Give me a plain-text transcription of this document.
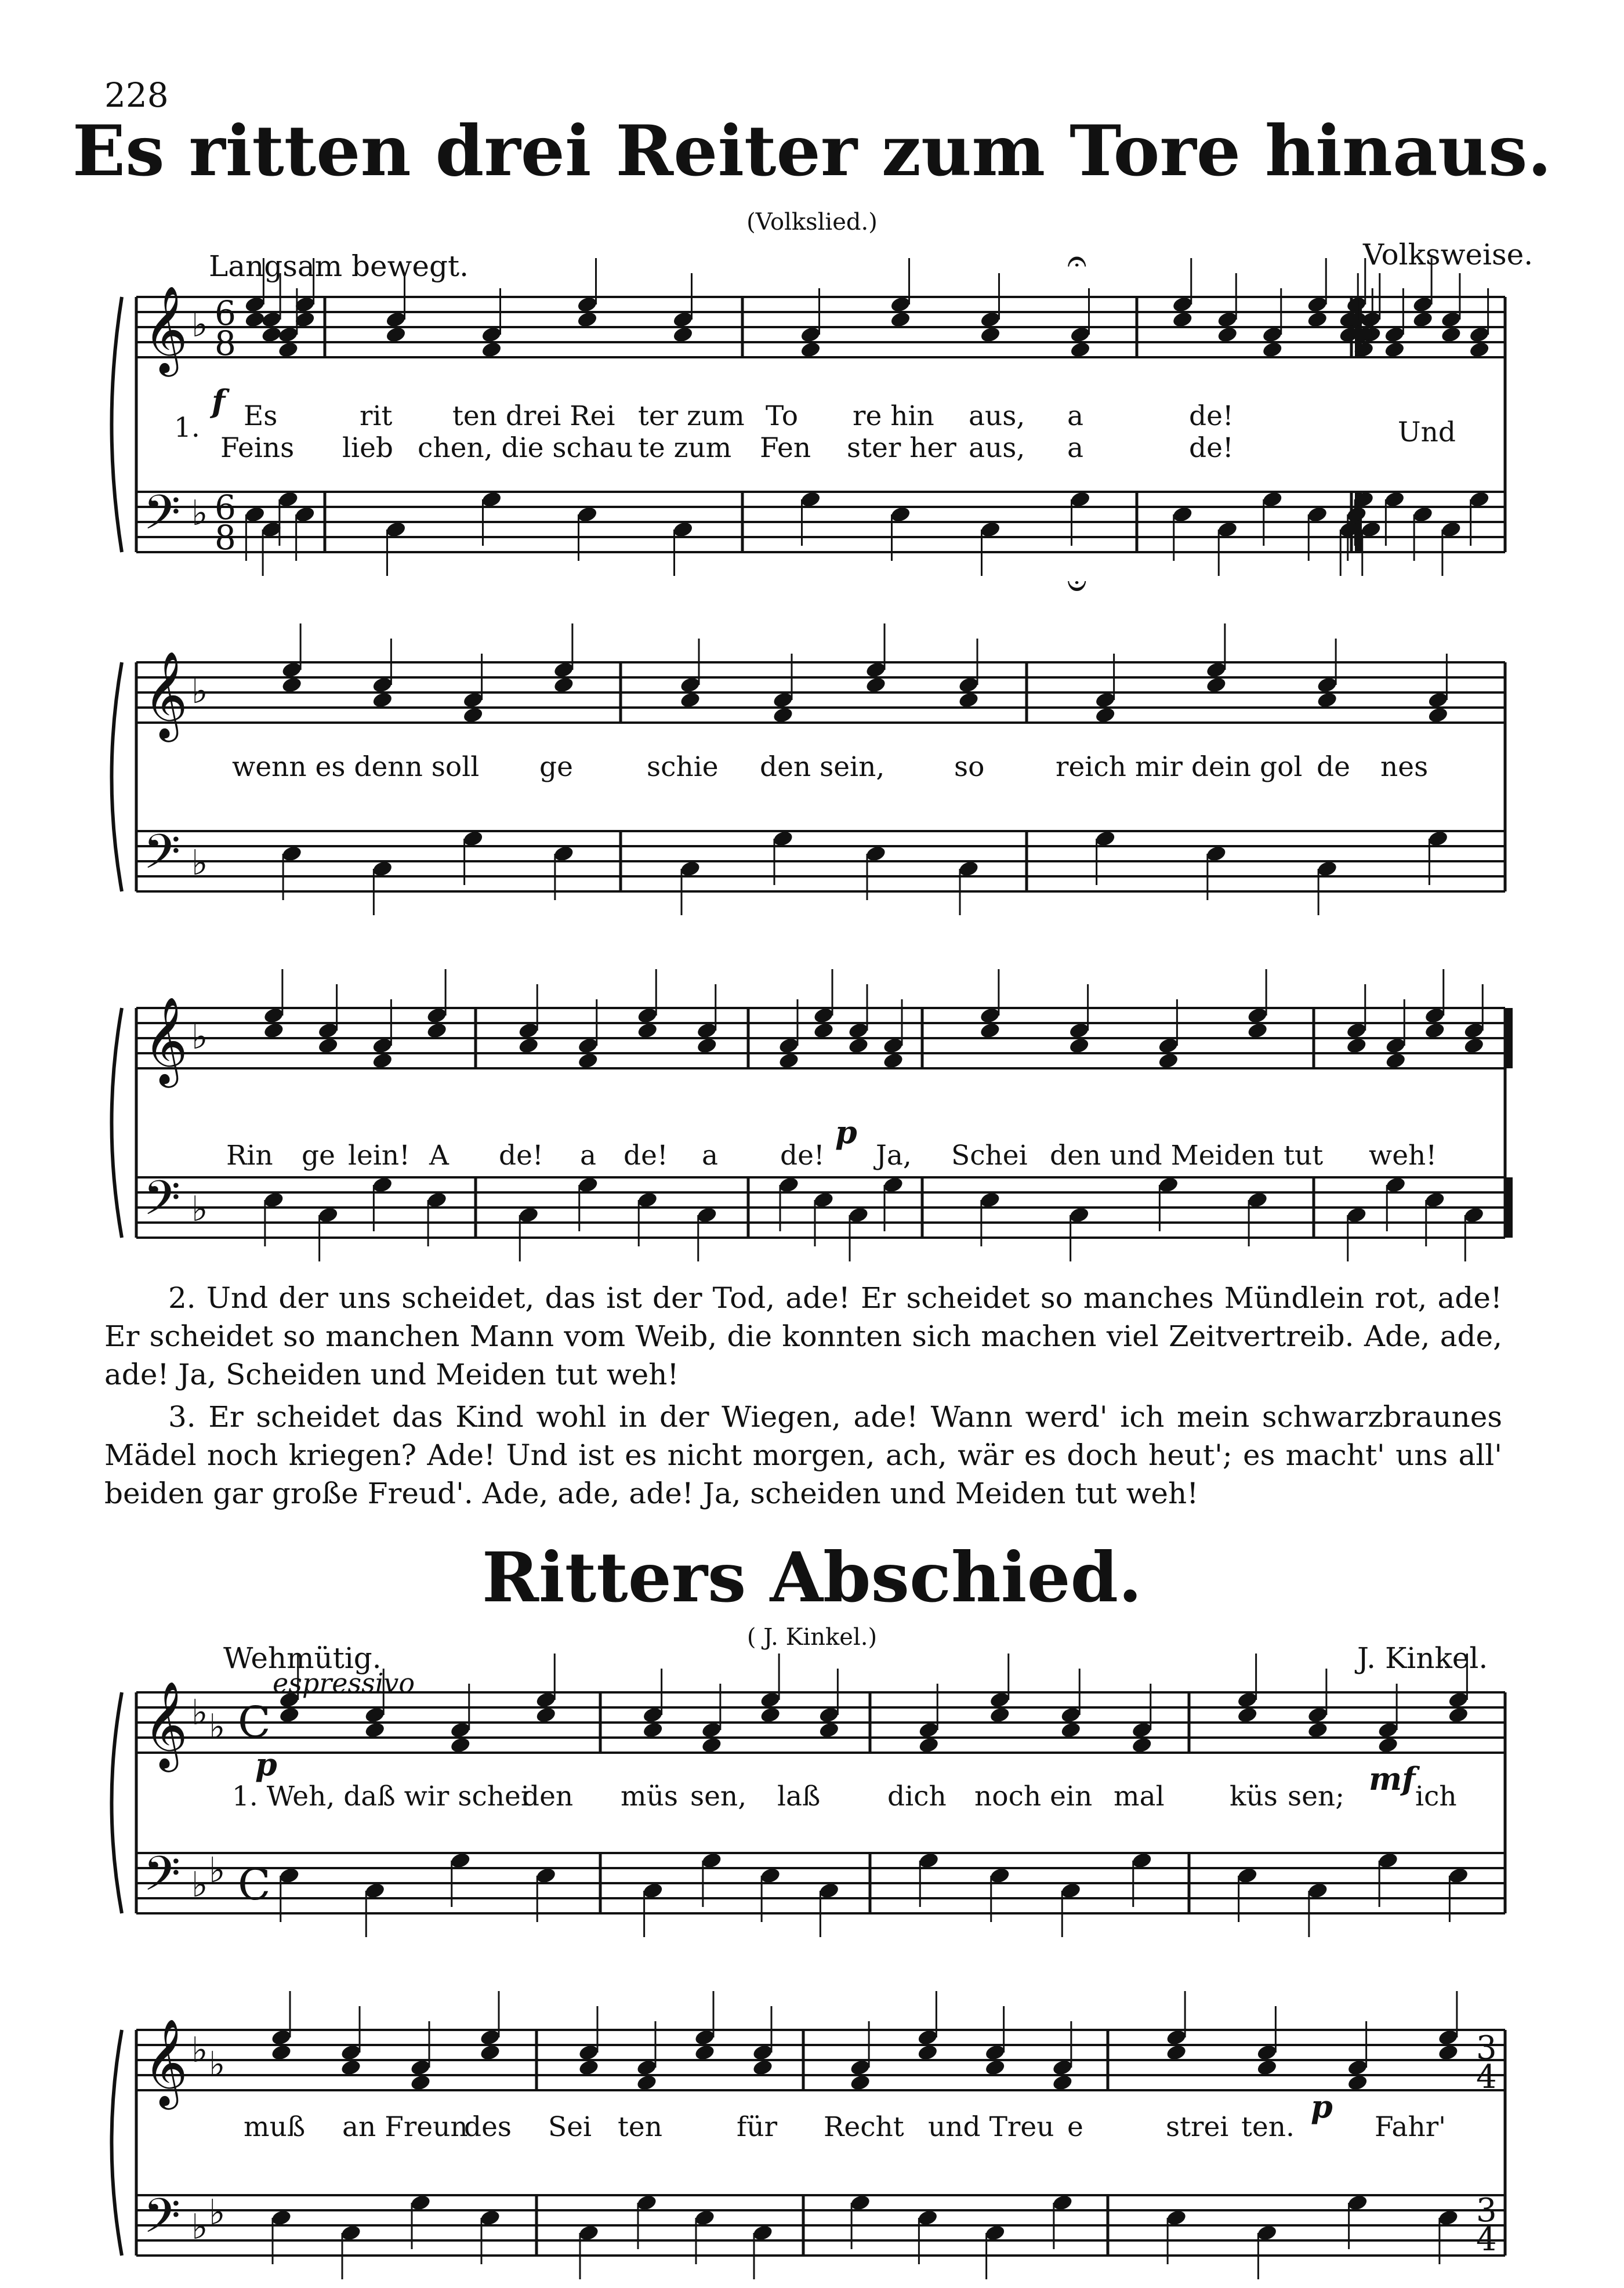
228
Es ritten drei Reiter zum Tore hinaus.
(Volkslied.)
Langsam bewegt.	Volksweise.
𝄞
𝄢
𝄞
𝄢
𝄞
𝄢
𝄞
𝄢
𝄞
𝄢
♭
♭
6
8
6
8
♭
♭
♭
♭
♭ ♭
♭ ♭
♭ ♭
♭ ♭
C
C
3
4
3
4
𝄐
𝄑
f
1. Es	rit ten drei Rei ter zum To re hin aus, a	de!
Feins lieb chen, die schau te zum Fen ster her aus, a	de!	Und
wenn es denn soll ge	schie den sein,	so	reich mir dein gol de nes
Rin ge lein! A de! a de! a de! Ja, Schei den und Mei den tut weh!
p
2. Und der uns scheidet, das ist der Tod, ade! Er scheidet so manches Mündlein rot, ade! Er scheidet so manchen Mann vom Weib, die konnten sich machen viel Zeitvertreib. Ade, ade, ade! Ja, Scheiden und Meiden tut weh!
3. Er scheidet das Kind wohl in der Wiegen, ade! Wann werd' ich mein schwarzbraunes Mädel noch kriegen? Ade! Und ist es nicht morgen, ach, wär es doch heut'; es macht' uns all' beiden gar große Freud'. Ade, ade, ade! Ja, scheiden und Meiden tut weh!
Ritters Abschied.
( J. Kinkel.)
Wehmütig.	J. Kinkel.
espressivo
p	mf
1. Weh, daß wir schei
den müs sen, laß dich noch ein mal küs sen;	ich
muß an Freun
des Sei ten	für Recht und Treu e	strei ten.	Fahr'
p
